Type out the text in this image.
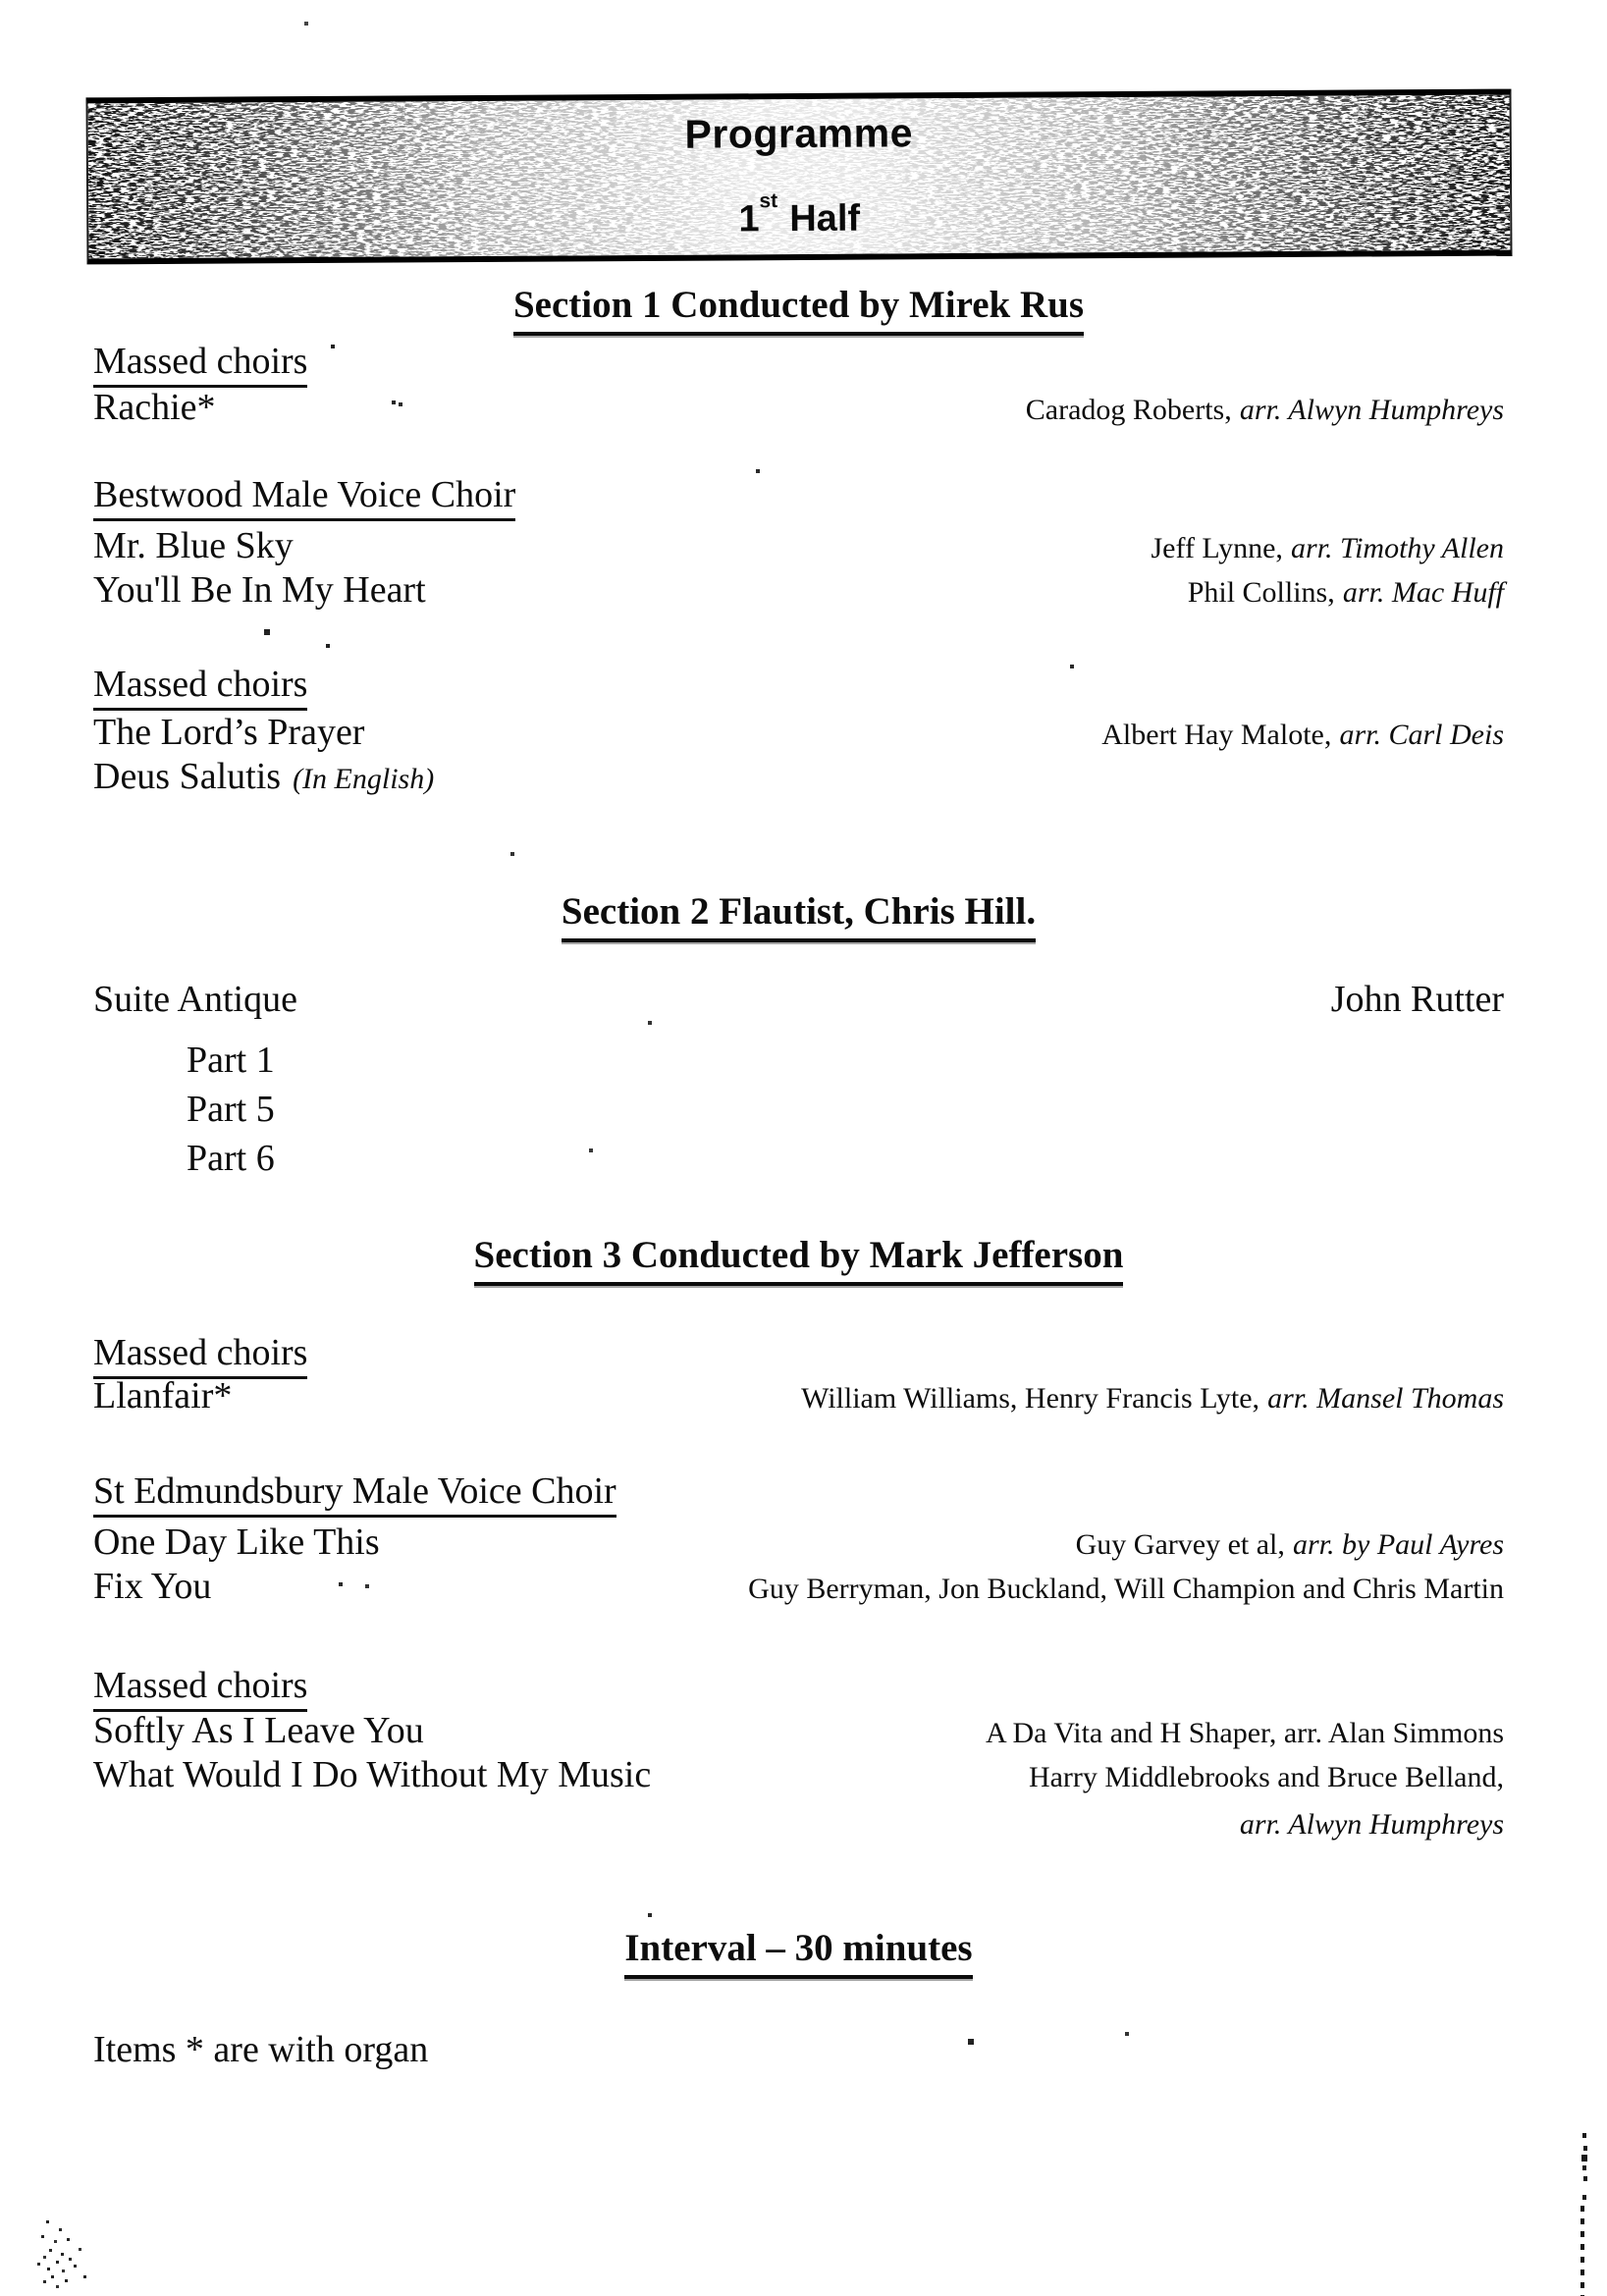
Programme
1st Half
Section 1 Conducted by Mirek Rus
Massed choirs
Rachie*	Caradog Roberts, arr. Alwyn Humphreys
Bestwood Male Voice Choir
Mr. Blue Sky	Jeff Lynne, arr. Timothy Allen
You'll Be In My Heart	Phil Collins, arr. Mac Huff
Massed choirs
The Lord’s Prayer	Albert Hay Malote, arr. Carl Deis
Deus Salutis (In English)
Section 2 Flautist, Chris Hill.
Suite Antique	John Rutter
Part 1
Part 5
Part 6
Section 3 Conducted by Mark Jefferson
Massed choirs
Llanfair*	William Williams, Henry Francis Lyte, arr. Mansel Thomas
St Edmundsbury Male Voice Choir
One Day Like This	Guy Garvey et al, arr. by Paul Ayres
Fix You	Guy Berryman, Jon Buckland, Will Champion and Chris Martin
Massed choirs
Softly As I Leave You	A Da Vita and H Shaper, arr. Alan Simmons
What Would I Do Without My Music	Harry Middlebrooks and Bruce Belland,
arr. Alwyn Humphreys
Interval – 30 minutes
Items * are with organ
